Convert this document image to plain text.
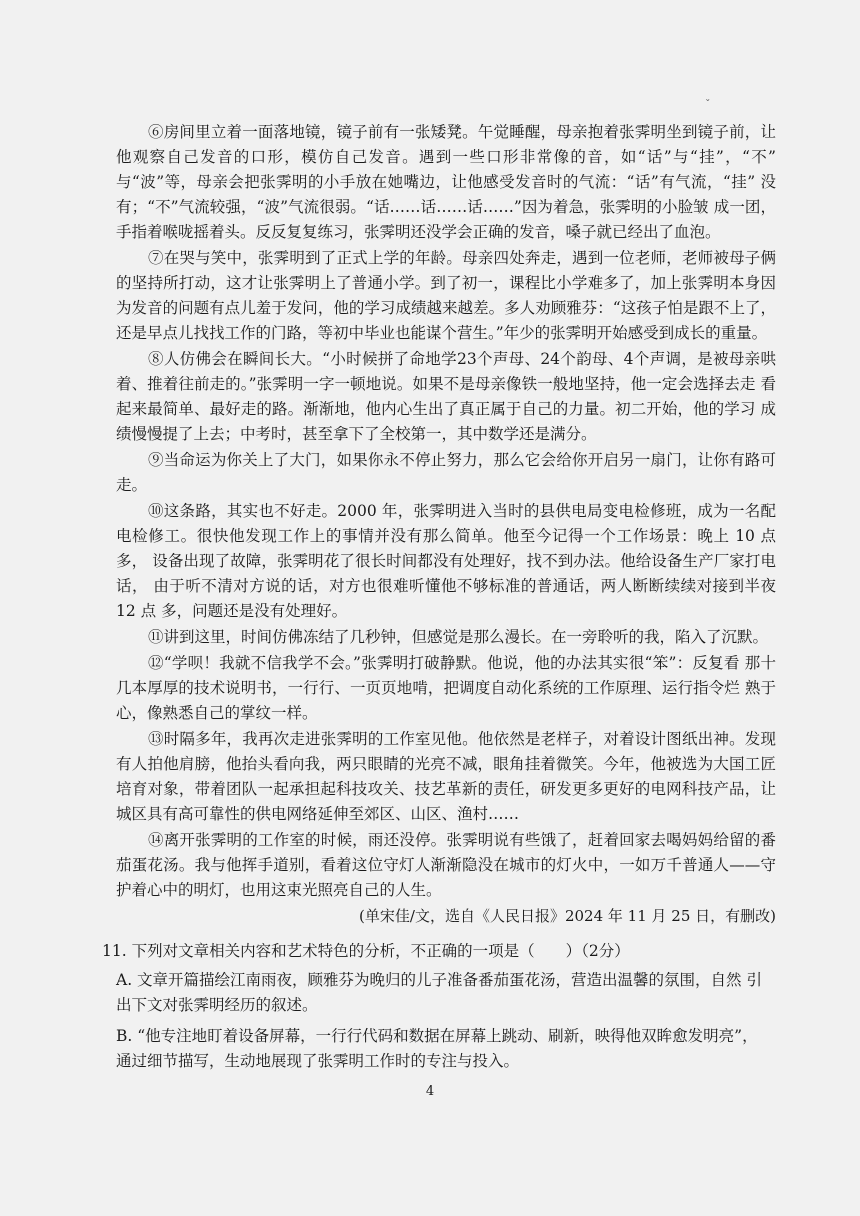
ˇ

⑥房间里立着一面落地镜，镜子前有一张矮凳。午觉睡醒，母亲抱着张霁明坐到镜子前，让 他观察自己发音的口形，模仿自己发音。遇到一些口形非常像的音，如“话”与“挂”，“不” 与“波”等，母亲会把张霁明的小手放在她嘴边，让他感受发音时的气流：“话”有气流，“挂” 没有；“不”气流较强，“波”气流很弱。“话……话……话……”因为着急，张霁明的小脸皱 成一团，手指着喉咙摇着头。反反复复练习，张霁明还没学会正确的发音，嗓子就已经出了血泡。

⑦在哭与笑中，张霁明到了正式上学的年龄。母亲四处奔走，遇到一位老师，老师被母子俩 的坚持所打动，这才让张霁明上了普通小学。到了初一，课程比小学难多了，加上张霁明本身因 为发音的问题有点儿羞于发问，他的学习成绩越来越差。多人劝顾雅芬：“这孩子怕是跟不上了， 还是早点儿找找工作的门路，等初中毕业也能谋个营生。”年少的张霁明开始感受到成长的重量。

⑧人仿佛会在瞬间长大。“小时候拼了命地学23个声母、24个韵母、4个声调，是被母亲哄 着、推着往前走的。”张霁明一字一顿地说。如果不是母亲像铁一般地坚持，他一定会选择去走 看起来最简单、最好走的路。渐渐地，他内心生出了真正属于自己的力量。初二开始，他的学习 成绩慢慢提了上去；中考时，甚至拿下了全校第一，其中数学还是满分。

⑨当命运为你关上了大门，如果你永不停止努力，那么它会给你开启另一扇门，让你有路可 走。

⑩这条路，其实也不好走。2000 年，张霁明进入当时的县供电局变电检修班，成为一名配 电检修工。很快他发现工作上的事情并没有那么简单。他至今记得一个工作场景：晚上 10 点多， 设备出现了故障，张霁明花了很长时间都没有处理好，找不到办法。他给设备生产厂家打电话， 由于听不清对方说的话，对方也很难听懂他不够标准的普通话，两人断断续续对接到半夜 12 点 多，问题还是没有处理好。

⑪讲到这里，时间仿佛冻结了几秒钟，但感觉是那么漫长。在一旁聆听的我，陷入了沉默。

⑫“学呗！我就不信我学不会。”张霁明打破静默。他说，他的办法其实很“笨”：反复看 那十几本厚厚的技术说明书，一行行、一页页地啃，把调度自动化系统的工作原理、运行指令烂 熟于心，像熟悉自己的掌纹一样。

⑬时隔多年，我再次走进张霁明的工作室见他。他依然是老样子，对着设计图纸出神。发现 有人拍他肩膀，他抬头看向我，两只眼睛的光亮不减，眼角挂着微笑。今年，他被选为大国工匠 培育对象，带着团队一起承担起科技攻关、技艺革新的责任，研发更多更好的电网科技产品，让 城区具有高可靠性的供电网络延伸至郊区、山区、渔村……

⑭离开张霁明的工作室的时候，雨还没停。张霁明说有些饿了，赶着回家去喝妈妈给留的番 茄蛋花汤。我与他挥手道别，看着这位守灯人渐渐隐没在城市的灯火中，一如万千普通人——守 护着心中的明灯，也用这束光照亮自己的人生。

(单宋佳/文，选自《人民日报》2024 年 11 月 25 日，有删改)

11. 下列对文章相关内容和艺术特色的分析，不正确的一项是（　　）（2分）

A. 文章开篇描绘江南雨夜，顾雅芬为晚归的儿子准备番茄蛋花汤，营造出温馨的氛围，自然 引出下文对张霁明经历的叙述。

B. “他专注地盯着设备屏幕，一行行代码和数据在屏幕上跳动、刷新，映得他双眸愈发明亮”， 通过细节描写，生动地展现了张霁明工作时的专注与投入。

4
